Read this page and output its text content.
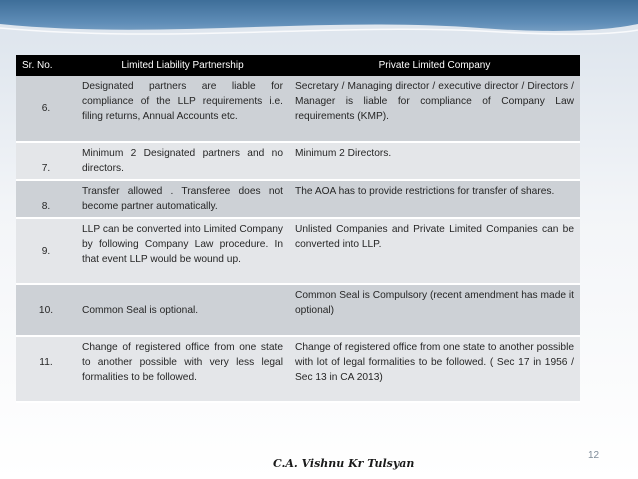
Sr. No.	Limited Liability Partnership	Private Limited Company
6.	Designated partners are liable for compliance of the LLP requirements i.e. filing returns, Annual Accounts etc.	Secretary / Managing director / executive director / Directors / Manager is liable for compliance of Company Law requirements (KMP).
7.	Minimum 2 Designated partners and no directors.	Minimum 2 Directors.
8.	Transfer allowed . Transferee does not become partner automatically.	The AOA has to provide restrictions for transfer of shares.
9.	LLP can be converted into Limited Company by following Company Law procedure. In that event LLP would be wound up.	Unlisted Companies and Private Limited Companies can be converted into LLP.
10.	Common Seal is optional.	Common Seal is Compulsory (recent amendment has made it optional)
11.	Change of registered office from one state to another possible with very less legal formalities to be followed.	Change of registered office from one state to another possible with lot of legal formalities to be followed. ( Sec 17 in 1956 / Sec 13 in CA 2013)
12
C.A. Vishnu Kr Tulsyan
